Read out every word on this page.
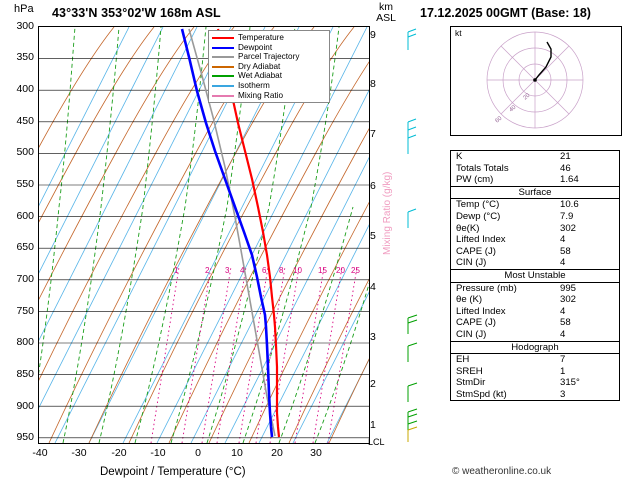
hPa 43°33'N 353°02'W 168m ASL	km
ASL	17.12.2025 00GMT (Base: 18)
300
350
400
450
500
550
600
650
700
750
800
850
900
950
-40	-30	-20	-10	0	10	20	30
Dewpoint / Temperature (°C)
9
8
7
6
5
4
3
2
1
LCL
Mixing Ratio (g/kg)
1	2 3 4 6 8 10 15 20 25
Temperature
Dewpoint
Parcel Trajectory
Dry Adiabat
Wet Adiabat
Isotherm
Mixing Ratio	20
40
60
kt
K	21
Totals Totals	46
PW (cm)	1.64
Surface
Temp (°C)	10.6
Dewp (°C)	7.9
θe(K)	302
Lifted Index	4
CAPE (J)	58
CIN (J)	4
Most Unstable
Pressure (mb)	995
θe (K)	302
Lifted Index	4
CAPE (J)	58
CIN (J)	4
Hodograph
EH	7
SREH	1
StmDir	315°
StmSpd (kt)	3
© weatheronline.co.uk
